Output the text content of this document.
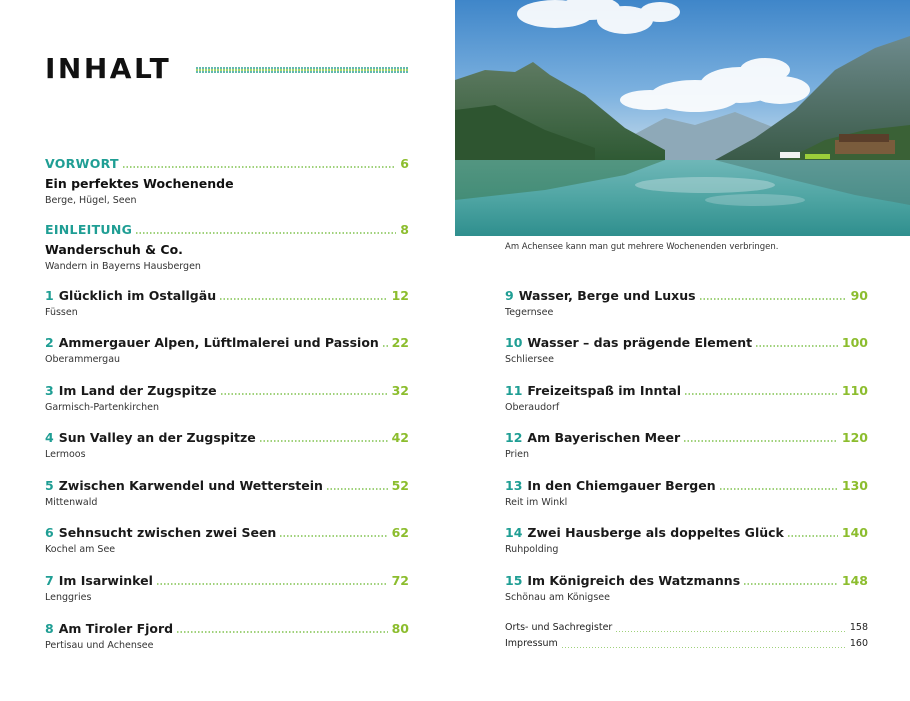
INHALT
VORWORT	6
Ein perfektes Wochenende
Berge, Hügel, Seen
EINLEITUNG	8
Wanderschuh & Co.
Wandern in Bayerns Hausbergen
1 Glücklich im Ostallgäu	12
Füssen
2 Ammergauer Alpen, Lüftlmalerei und Passion 22
Oberammergau
3 Im Land der Zugspitze	32
Garmisch-Partenkirchen
4 Sun Valley an der Zugspitze	42
Lermoos
5 Zwischen Karwendel und Wetterstein	52
Mittenwald
6 Sehnsucht zwischen zwei Seen	62
Kochel am See
7 Im Isarwinkel	72
Lenggries
8 Am Tiroler Fjord	80
Pertisau und Achensee
Am Achensee kann man gut mehrere Wochenenden verbringen.
9 Wasser, Berge und Luxus	90
Tegernsee
10 Wasser – das prägende Element	100
Schliersee
11 Freizeitspaß im Inntal	110
Oberaudorf
12 Am Bayerischen Meer	120
Prien
13 In den Chiemgauer Bergen	130
Reit im Winkl
14 Zwei Hausberge als doppeltes Glück	140
Ruhpolding
15 Im Königreich des Watzmanns	148
Schönau am Königsee
Orts- und Sachregister	158
Impressum	160
